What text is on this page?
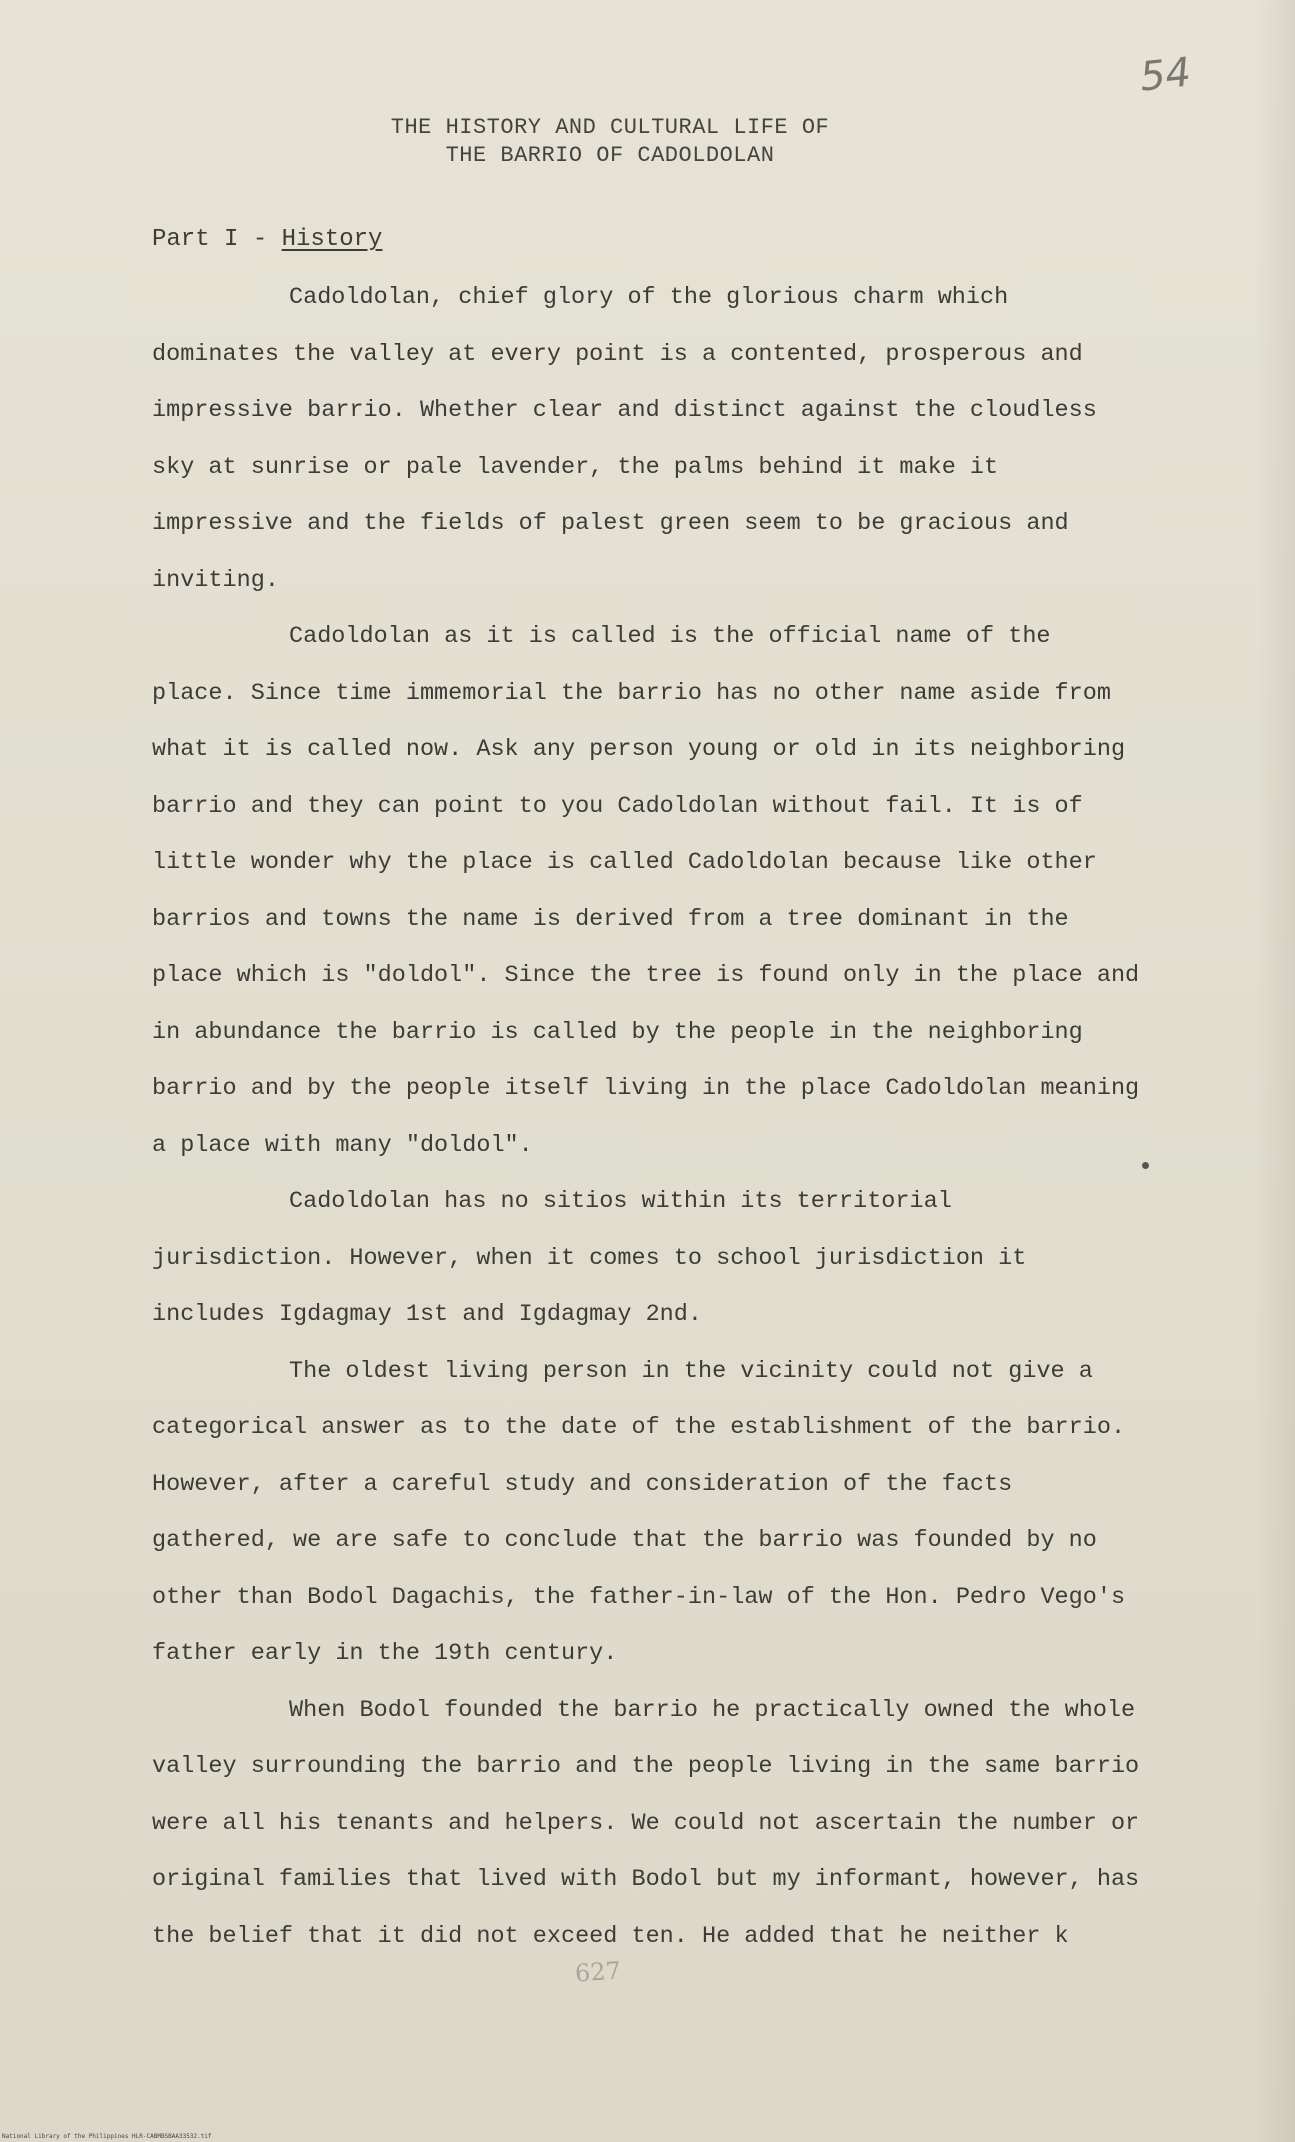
54
THE HISTORY AND CULTURAL LIFE OF
THE BARRIO OF CADOLDOLAN
Part I - History

Cadoldolan, chief glory of the glorious charm which dominates the valley at every point is a contented, prosperous and impressive barrio. Whether clear and distinct against the cloudless sky at sunrise or pale lavender, the palms behind it make it impressive and the fields of palest green seem to be gracious and inviting.

Cadoldolan as it is called is the official name of the place. Since time immemorial the barrio has no other name aside from what it is called now. Ask any person young or old in its neighboring barrio and they can point to you Cadoldolan without fail. It is of little wonder why the place is called Cadoldolan because like other barrios and towns the name is derived from a tree dominant in the place which is "doldol". Since the tree is found only in the place and in abundance the barrio is called by the people in the neighboring barrio and by the people itself living in the place Cadoldolan meaning a place with many "doldol".

Cadoldolan has no sitios within its territorial jurisdiction. However, when it comes to school jurisdiction it includes Igdagmay 1st and Igdagmay 2nd.

The oldest living person in the vicinity could not give a categorical answer as to the date of the establishment of the barrio. However, after a careful study and consideration of the facts gathered, we are safe to conclude that the barrio was founded by no other than Bodol Dagachis, the father-in-law of the Hon. Pedro Vego's father early in the 19th century.

When Bodol founded the barrio he practically owned the whole valley surrounding the barrio and the people living in the same barrio were all his tenants and helpers. We could not ascertain the number or original families that lived with Bodol but my informant, however, has the belief that it did not exceed ten. He added that he neither k

627
National Library of the Philippines HLR-CABMBSBAA33532.tif
